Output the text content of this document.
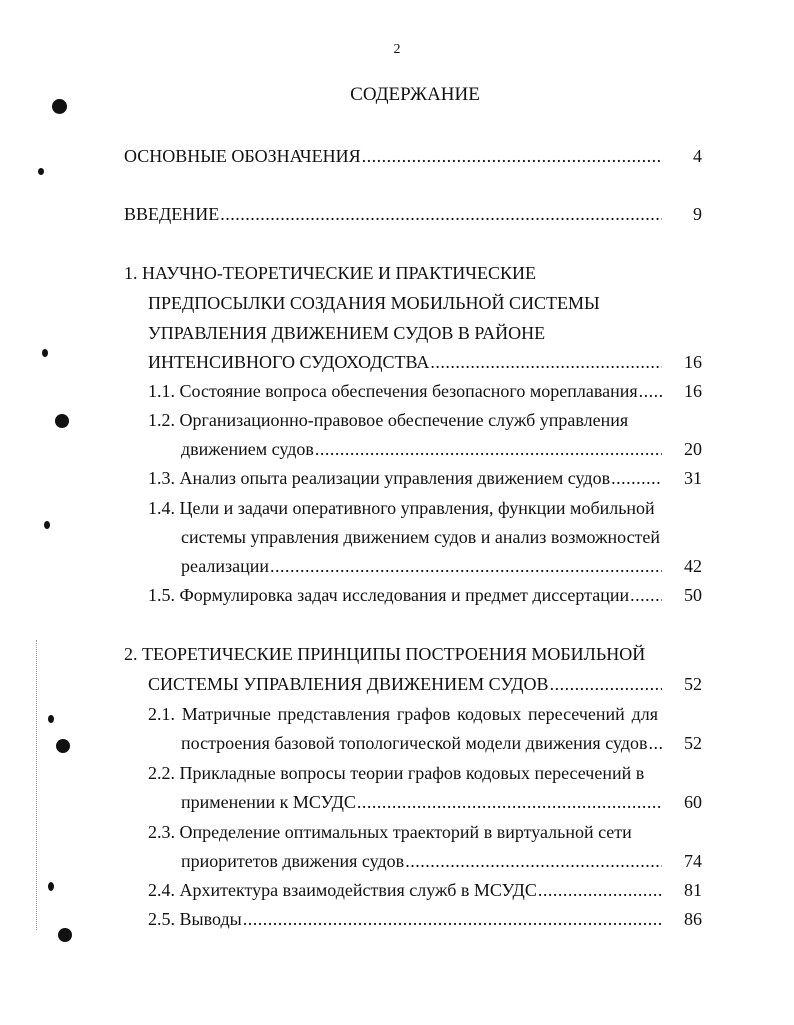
2
СОДЕРЖАНИЕ
ОСНОВНЫЕ ОБОЗНАЧЕНИЯ .....	4
ВВЕДЕНИЕ .....	9
1. НАУЧНО-ТЕОРЕТИЧЕСКИЕ И ПРАКТИЧЕСКИЕ
ПРЕДПОСЫЛКИ СОЗДАНИЯ МОБИЛЬНОЙ СИСТЕМЫ
УПРАВЛЕНИЯ ДВИЖЕНИЕМ СУДОВ В РАЙОНЕ
ИНТЕНСИВНОГО СУДОХОДСТВА .....	16
1.1. Состояние вопроса обеспечения безопасного мореплавания .....	16
1.2. Организационно-правовое обеспечение служб управления
движением судов .....	20
1.3. Анализ опыта реализации управления движением судов .....	31
1.4. Цели и задачи оперативного управления, функции мобильной
системы управления движением судов и анализ возможностей
реализации .....	42
1.5. Формулировка задач исследования и предмет диссертации .....	50
2. ТЕОРЕТИЧЕСКИЕ ПРИНЦИПЫ ПОСТРОЕНИЯ МОБИЛЬНОЙ
СИСТЕМЫ УПРАВЛЕНИЯ ДВИЖЕНИЕМ СУДОВ .....	52
2.1. Матричные представления графов кодовых пересечений для
построения базовой топологической модели движения судов .....	52
2.2. Прикладные вопросы теории графов кодовых пересечений в
применении к МСУДС .....	60
2.3. Определение оптимальных траекторий в виртуальной сети
приоритетов движения судов .....	74
2.4. Архитектура взаимодействия служб в МСУДС .....	81
2.5. Выводы .....	86
